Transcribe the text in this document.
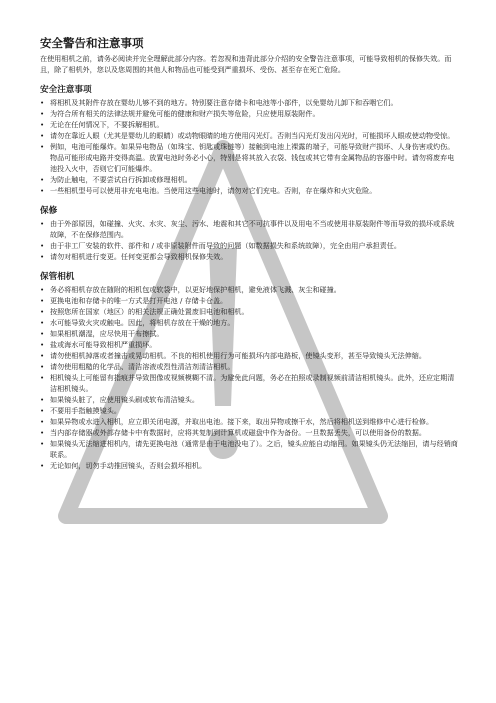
安全警告和注意事项

在使用相机之前，请务必阅读并完全理解此部分内容。若忽视和违背此部分介绍的安全警告注意事项，可能导致相机的保修失效。而且，除了相机外，您以及您周围的其他人和物品也可能受到严重损坏、受伤、甚至存在死亡危险。

安全注意事项
• 将相机及其附件存放在婴幼儿够不到的地方。特别要注意存储卡和电池等小部件，以免婴幼儿卸下和吞咽它们。
• 为符合所有相关的法律法规并避免可能的健康和财产损失等危险，只应使用原装附件。
• 无论在任何情况下，不要拆解相机。
• 请勿在靠近人眼（尤其是婴幼儿的眼睛）或动物眼睛的地方使用闪光灯。否则当闪光灯发出闪光时，可能损坏人眼或使动物受惊。
• 例如，电池可能爆炸。如果异电物品（如珠宝、钥匙或珠链等）接触到电池上裸露的端子，可能导致财产损坏、人身伤害或灼伤。物品可能形成电路并变得高温。放置电池时务必小心，特别是将其放入衣袋、钱包或其它带有金属物品的容器中时。请勿将废弃电池投入火中，否则它们可能爆炸。
• 为防止触电，不要尝试自行拆卸或修理相机。
• 一些相机型号可以使用非充电电池。当使用这些电池时，请勿对它们充电。否则，存在爆炸和火灾危险。
保修
• 由于外部原因，如碰撞、火灾、水灾、灰尘、污水、地震和其它不可抗事件以及用电不当或使用非原装附件等而导致的损坏或系统故障，不在保修范围内。
• 由于非工厂安装的软件、部件和 / 或非原装附件而导致的问题（如数据损失和系统故障），完全由用户承担责任。
• 请勿对相机进行变更。任何变更都会导致相机保修失效。
保管相机
• 务必将相机存放在随附的相机包或软袋中，以更好地保护相机，避免液体飞溅、灰尘和碰撞。
• 更换电池和存储卡的唯一方式是打开电池 / 存储卡仓盖。
• 按照您所在国家（地区）的相关法规正确处置废旧电池和相机。
• 水可能导致火灾或触电。因此，将相机存放在干燥的地方。
• 如果相机潮湿，应尽快用干布擦拭。
• 盐或海水可能导致相机严重损坏。
• 请勿使相机掉落或者撞击或晃动相机。不良的相机使用行为可能损坏内部电路板，使镜头变形，甚至导致镜头无法伸缩。
• 请勿使用粗糙的化学品、清洁溶液或烈性清洁剂清洁相机。
• 相机镜头上可能留有指痕并导致图像或视频模糊不清。为避免此问题，务必在拍照或录制视频前清洁相机镜头。此外，还应定期清洁相机镜头。
• 如果镜头脏了，应使用镜头刷或软布清洁镜头。
• 不要用手指触摸镜头。
• 如果异物或水进入相机，应立即关闭电源，并取出电池。接下来，取出异物或擦干水，然后将相机送到维修中心进行检修。
• 当内部存储器或外部存储卡中有数据时，应将其复制到计算机或磁盘中作为备份。一旦数据丢失，可以使用备份的数据。
• 如果镜头无法缩进相机内，请先更换电池（通常是由于电池没电了）。之后，镜头应能自动缩回。如果镜头仍无法缩回，请与经销商联系。
• 无论如何，切勿手动推回镜头，否则会损坏相机。
